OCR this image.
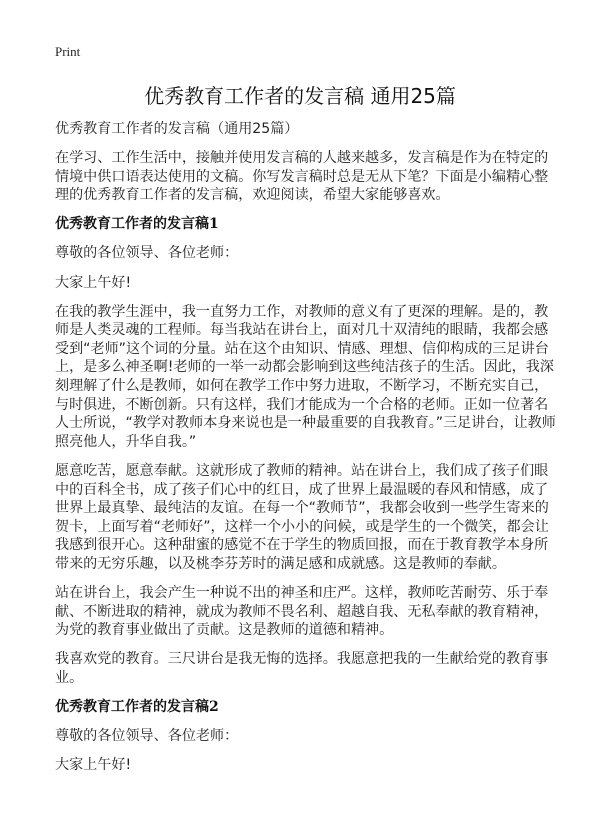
Print
优秀教育工作者的发言稿 通用25篇

优秀教育工作者的发言稿（通用25篇）

在学习、工作生活中，接触并使用发言稿的人越来越多，发言稿是作为在特定的情境中供口语表达使用的文稿。你写发言稿时总是无从下笔？下面是小编精心整理的优秀教育工作者的发言稿，欢迎阅读，希望大家能够喜欢。

优秀教育工作者的发言稿1

尊敬的各位领导、各位老师：

大家上午好!

在我的教学生涯中，我一直努力工作，对教师的意义有了更深的理解。是的，教师是人类灵魂的工程师。每当我站在讲台上，面对几十双清纯的眼睛，我都会感受到“老师”这个词的分量。站在这个由知识、情感、理想、信仰构成的三足讲台上，是多么神圣啊!老师的一举一动都会影响到这些纯洁孩子的生活。因此，我深刻理解了什么是教师，如何在教学工作中努力进取，不断学习，不断充实自己，与时俱进，不断创新。只有这样，我们才能成为一个合格的老师。正如一位著名人士所说，“教学对教师本身来说也是一种最重要的自我教育。”三足讲台，让教师照亮他人，升华自我。”

愿意吃苦，愿意奉献。这就形成了教师的精神。站在讲台上，我们成了孩子们眼中的百科全书，成了孩子们心中的红日，成了世界上最温暖的春风和情感，成了世界上最真挚、最纯洁的友谊。在每一个“教师节”，我都会收到一些学生寄来的贺卡，上面写着“老师好”，这样一个小小的问候，或是学生的一个微笑，都会让我感到很开心。这种甜蜜的感觉不在于学生的物质回报，而在于教育教学本身所带来的无穷乐趣，以及桃李芬芳时的满足感和成就感。这是教师的奉献。

站在讲台上，我会产生一种说不出的神圣和庄严。这样，教师吃苦耐劳、乐于奉献、不断进取的精神，就成为教师不畏名利、超越自我、无私奉献的教育精神，为党的教育事业做出了贡献。这是教师的道德和精神。

我喜欢党的教育。三尺讲台是我无悔的选择。我愿意把我的一生献给党的教育事业。

优秀教育工作者的发言稿2

尊敬的各位领导、各位老师：

大家上午好!
